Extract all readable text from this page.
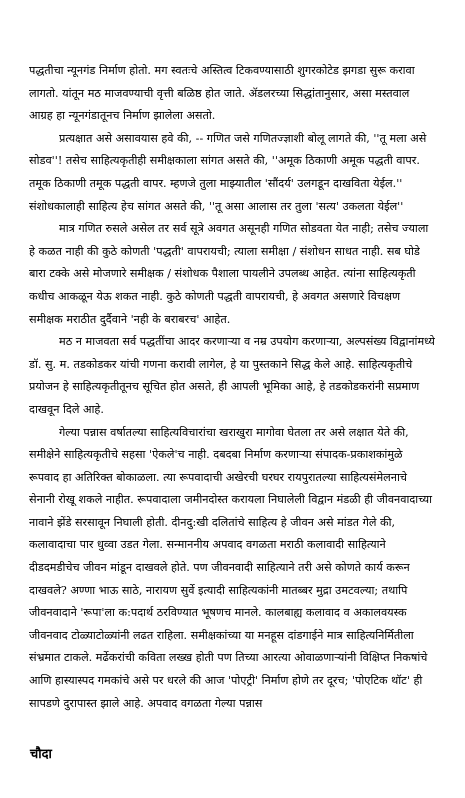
पद्धतीचा न्यूनगंड निर्माण होतो. मग स्वतःचे अस्तित्व टिकवण्यासाठी शुगरकोटेड झगडा सुरू करावा लागतो. यांतून मठ माजवण्याची वृत्ती बळिष्ठ होत जाते. ॲडलरच्या सिद्धांतानुसार, असा मस्तवाल आग्रह हा न्यूनगंडातूनच निर्माण झालेला असतो.

प्रत्यक्षात असे असावयास हवे की, -- गणित जसे गणितज्ज्ञाशी बोलू लागते की, ''तू मला असे सोडव''! तसेच साहित्यकृतीही समीक्षकाला सांगत असते की, ''अमूक ठिकाणी अमूक पद्धती वापर. तमूक ठिकाणी तमूक पद्धती वापर. म्हणजे तुला माझ्यातील 'सौंदर्य' उलगडून दाखविता येईल.'' संशोधकालाही साहित्य हेच सांगत असते की, ''तू असा आलास तर तुला 'सत्य' उकलता येईल''

मात्र गणित रुसले असेल तर सर्व सूत्रे अवगत असूनही गणित सोडवता येत नाही; तसेच ज्याला हे कळत नाही की कुठे कोणती 'पद्धती' वापरायची; त्याला समीक्षा / संशोधन साधत नाही. सब घोडे बारा टक्के असे मोजणारे समीक्षक / संशोधक पैशाला पायलीने उपलब्ध आहेत. त्यांना साहित्यकृती कधीच आकळून येऊ शकत नाही. कुठे कोणती पद्धती वापरायची, हे अवगत असणारे विचक्षण समीक्षक मराठीत दुर्दैवाने 'नही के बराबरच' आहेत.

मठ न माजवता सर्व पद्धतींचा आदर करणाऱ्या व नम्र उपयोग करणाऱ्या, अल्पसंख्य विद्वानांमध्ये डॉ. सु. म. तडकोडकर यांची गणना करावी लागेल, हे या पुस्तकाने सिद्ध केले आहे. साहित्यकृतीचे प्रयोजन हे साहित्यकृतीतूनच सूचित होत असते, ही आपली भूमिका आहे, हे तडकोडकरांनी सप्रमाण दाखवून दिले आहे.

गेल्या पन्नास वर्षातल्या साहित्यविचारांचा खराखुरा मागोवा घेतला तर असे लक्षात येते की, समीक्षेने साहित्यकृतीचे सहसा 'ऐकले'च नाही. दबदबा निर्माण करणाऱ्या संपादक-प्रकाशकांमुळे रूपवाद हा अतिरिक्त बोकाळला. त्या रूपवादाची अखेरची घरघर रायपुरातल्या साहित्यसंमेलनाचे सेनानी रोखू शकले नाहीत. रूपवादाला जमीनदोस्त करायला निघालेली विद्वान मंडळी ही जीवनवादाच्या नावाने झेंडे सरसावून निघाली होती. दीनदु:खी दलितांचे साहित्य हे जीवन असे मांडत गेले की, कलावादाचा पार धुव्वा उडत गेला. सन्माननीय अपवाद वगळता मराठी कलावादी साहित्याने दीडदमडीचेच जीवन मांडून दाखवले होते. पण जीवनवादी साहित्याने तरी असे कोणते कार्य करून दाखवले? अण्णा भाऊ साठे, नारायण सुर्वे इत्यादी साहित्यकांनी मातब्बर मुद्रा उमटवल्या; तथापि जीवनवादाने 'रूपा'ला क:पदार्थ ठरविण्यात भूषणच मानले. कालबाह्य कलावाद व अकालवयस्क जीवनवाद टोळ्याटोळ्यांनी लढत राहिला. समीक्षकांच्या या मनहूस दांडगाईने मात्र साहित्यनिर्मितीला संभ्रमात टाकले. मर्ढेकरांची कविता लख्ख होती पण तिच्या आरत्या ओवाळणाऱ्यांनी विक्षिप्त निकषांचे आणि हास्यास्पद गमकांचे असे पर धरले की आज 'पोएट्री' निर्माण होणे तर दूरच; 'पोएटिक थॉट' ही सापडणे दुरापास्त झाले आहे. अपवाद वगळता गेल्या पन्नास

चौदा
